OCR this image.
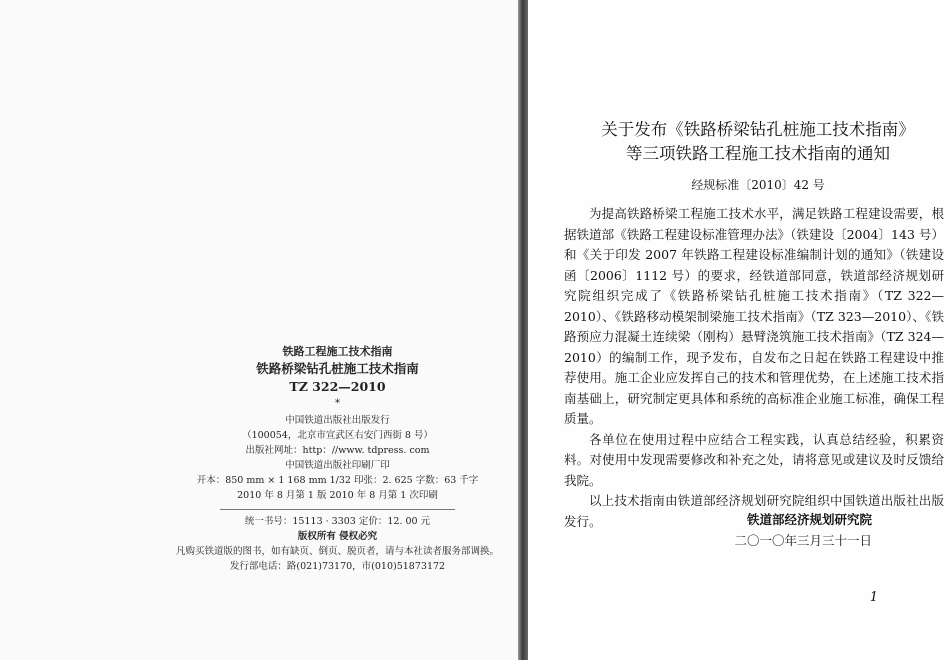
铁路工程施工技术指南
铁路桥梁钻孔桩施工技术指南
TZ 322—2010
*
中国铁道出版社出版发行
（100054，北京市宣武区右安门西街 8 号）
出版社网址：http：//www. tdpress. com
中国铁道出版社印刷厂印
开本：850 mm × 1 168 mm 1/32 印张：2. 625 字数：63 千字
2010 年 8 月第 1 版 2010 年 8 月第 1 次印刷
统一书号：15113 · 3303 定价：12. 00 元
版权所有 侵权必究
凡购买铁道版的图书，如有缺页、倒页、脱页者，请与本社读者服务部调换。
发行部电话：路(021)73170，市(010)51873172
关于发布《铁路桥梁钻孔桩施工技术指南》
等三项铁路工程施工技术指南的通知
经规标准〔2010〕42 号

为提高铁路桥梁工程施工技术水平，满足铁路工程建设需要，根据铁道部《铁路工程建设标准管理办法》（铁建设〔2004〕143 号）和《关于印发 2007 年铁路工程建设标准编制计划的通知》（铁建设函〔2006〕1112 号）的要求，经铁道部同意，铁道部经济规划研究院组织完成了《铁路桥梁钻孔桩施工技术指南》（TZ 322—2010）、《铁路移动模架制梁施工技术指南》（TZ 323—2010）、《铁路预应力混凝土连续梁（刚构）悬臂浇筑施工技术指南》（TZ 324—2010）的编制工作，现予发布，自发布之日起在铁路工程建设中推荐使用。施工企业应发挥自己的技术和管理优势，在上述施工技术指南基础上，研究制定更具体和系统的高标准企业施工标准，确保工程质量。

各单位在使用过程中应结合工程实践，认真总结经验，积累资料。对使用中发现需要修改和补充之处，请将意见或建议及时反馈给我院。

以上技术指南由铁道部经济规划研究院组织中国铁道出版社出版发行。	铁道部经济规划研究院
二〇一〇年三月三十一日
1
